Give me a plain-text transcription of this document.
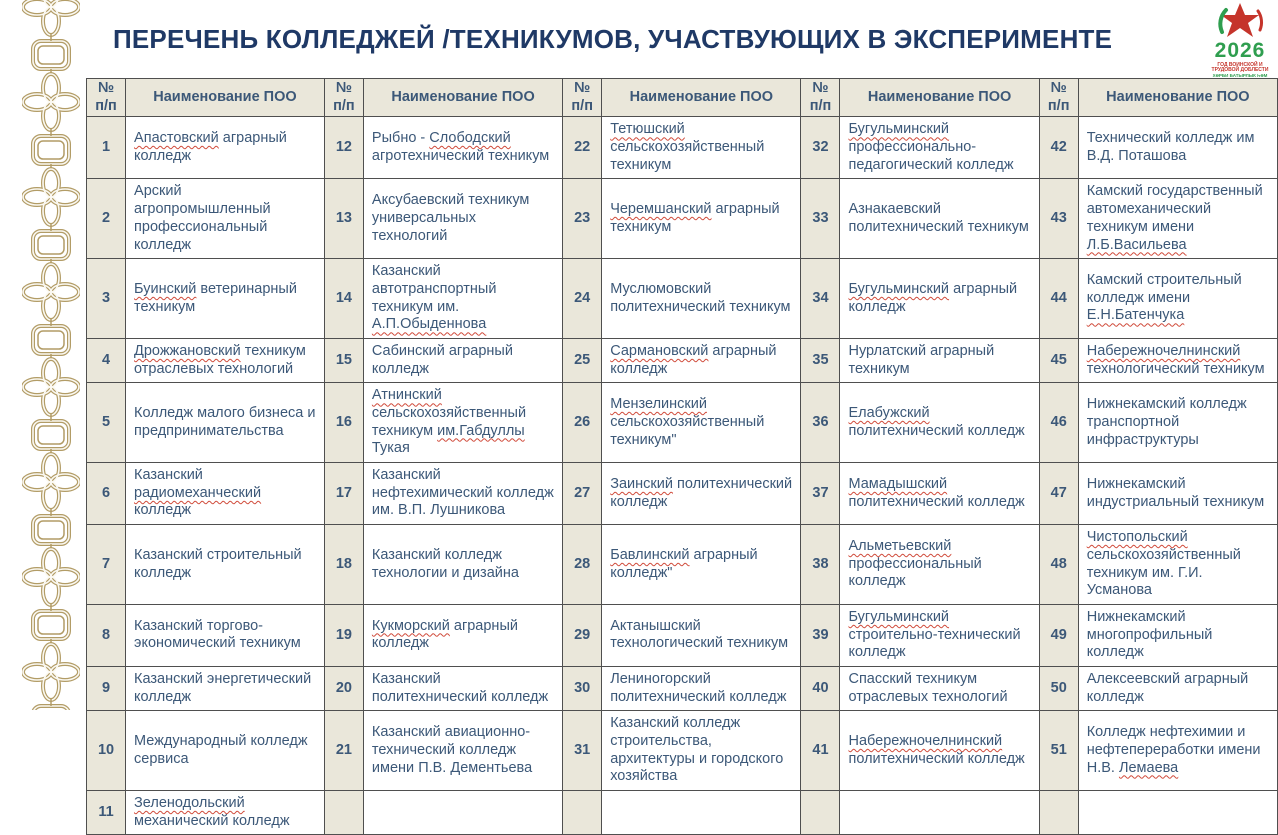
ПЕРЕЧЕНЬ КОЛЛЕДЖЕЙ /ТЕХНИКУМОВ, УЧАСТВУЮЩИХ В ЭКСПЕРИМЕНТЕ	2026
ГОД ВОИНСКОЙ И ТРУДОВОЙ ДОБЛЕСТИ
ХӘРБИ БАТЫРЛЫК ҺӘМ
№
п/п	Наименование ПОО	№
п/п	Наименование ПОО	№
п/п	Наименование ПОО	№
п/п	Наименование ПОО	№
п/п	Наименование ПОО
1	Апастовский аграрный колледж	12	Рыбно - Слободский агротехнический техникум	22	Тетюшский сельскохозяйственный техникум	32	Бугульминский профессионально-педагогический колледж	42	Технический колледж им В.Д. Поташова
2	Арский агропромышленный профессиональный колледж	13	Аксубаевский техникум универсальных технологий	23	Черемшанский аграрный техникум	33	Азнакаевский политехнический техникум	43	Камский государственный автомеханический техникум имени Л.Б.Васильева
3	Буинский ветеринарный техникум	14	Казанский автотранспортный техникум им. А.П.Обыденнова	24	Муслюмовский политехнический техникум	34	Бугульминский аграрный колледж	44	Камский строительный колледж имени Е.Н.Батенчука
4	Дрожжановский техникум отраслевых технологий	15	Сабинский аграрный колледж	25	Сармановский аграрный колледж	35	Нурлатский аграрный техникум	45	Набережночелнинский технологический техникум
5	Колледж малого бизнеса и предпринимательства	16	Атнинский сельскохозяйственный техникум им.Габдуллы Тукая	26	Мензелинский сельскохозяйственный техникум"	36	Елабужский политехнический колледж	46	Нижнекамский колледж транспортной инфраструктуры
6	Казанский радиомеханческий колледж	17	Казанский нефтехимический колледж им. В.П. Лушникова	27	Заинский политехнический колледж	37	Мамадышский политехнический колледж	47	Нижнекамский индустриальный техникум
7	Казанский строительный колледж	18	Казанский колледж технологии и дизайна	28	Бавлинский аграрный колледж"	38	Альметьевский профессиональный колледж	48	Чистопольский сельскохозяйственный техникум им. Г.И. Усманова
8	Казанский торгово-экономический техникум	19	Кукморский аграрный колледж	29	Актанышский технологический техникум	39	Бугульминский строительно-технический колледж	49	Нижнекамский многопрофильный колледж
9	Казанский энергетический колледж	20	Казанский политехнический колледж	30	Лениногорский политехнический колледж	40	Спасский техникум отраслевых технологий	50	Алексеевский аграрный колледж
10	Международный колледж сервиса	21	Казанский авиационно-технический колледж имени П.В. Дементьева	31	Казанский колледж строительства, архитектуры и городского хозяйства	41	Набережночелнинский политехнический колледж	51	Колледж нефтехимии и нефтепереработки имени Н.В. Лемаева
11	Зеленодольский механический колледж								
